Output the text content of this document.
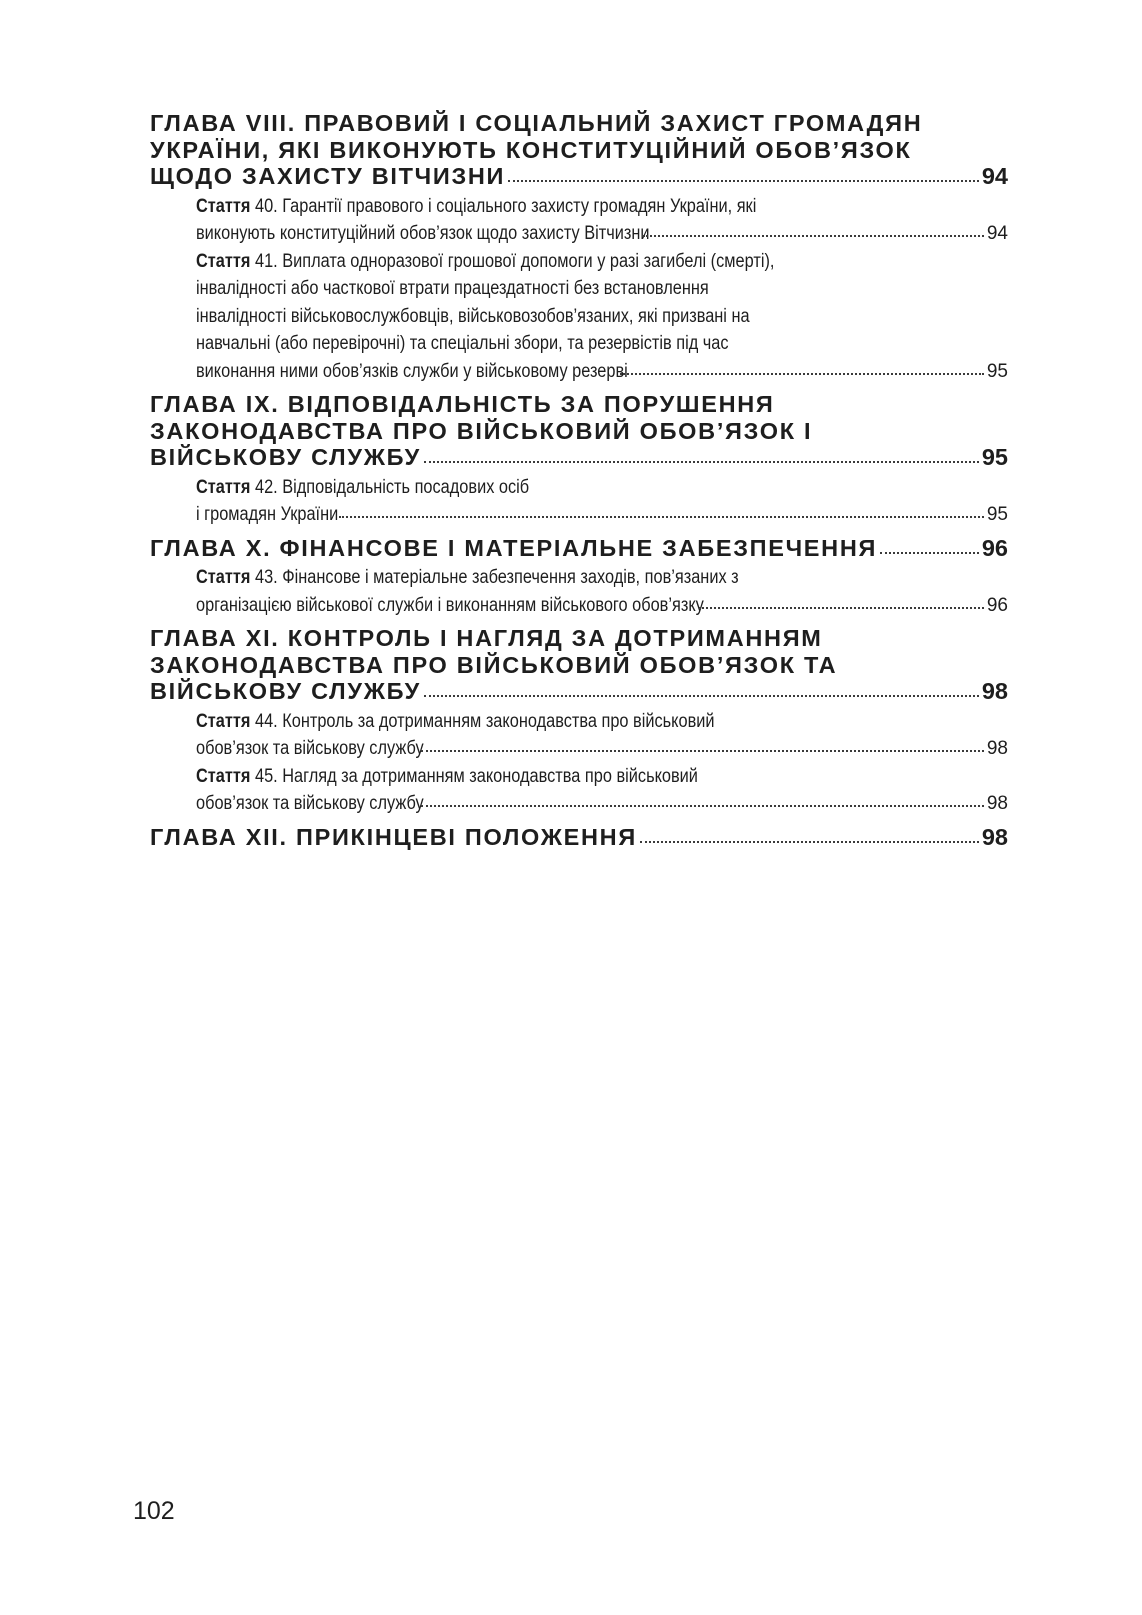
ГЛАВА VIII. ПРАВОВИЙ І СОЦІАЛЬНИЙ ЗАХИСТ ГРОМАДЯН
УКРАЇНИ, ЯКІ ВИКОНУЮТЬ КОНСТИТУЦІЙНИЙ ОБОВ’ЯЗОК
ЩОДО ЗАХИСТУ ВІТЧИЗНИ	94
Стаття 40. Гарантії правового і соціального захисту громадян України, які
виконують конституційний обов’язок щодо захисту Вітчизни	94
Стаття 41. Виплата одноразової грошової допомоги у разі загибелі (смерті),
інвалідності або часткової втрати працездатності без встановлення
інвалідності військовослужбовців, військовозобов’язаних, які призвані на
навчальні (або перевірочні) та спеціальні збори, та резервістів під час
виконання ними обов’язків служби у військовому резерві	95
ГЛАВА IX. ВІДПОВІДАЛЬНІСТЬ ЗА ПОРУШЕННЯ
ЗАКОНОДАВСТВА ПРО ВІЙСЬКОВИЙ ОБОВ’ЯЗОК І
ВІЙСЬКОВУ СЛУЖБУ	95
Стаття 42. Відповідальність посадових осіб
і громадян України	95
ГЛАВА X. ФІНАНСОВЕ І МАТЕРІАЛЬНЕ ЗАБЕЗПЕЧЕННЯ	96
Стаття 43. Фінансове і матеріальне забезпечення заходів, пов’язаних з
організацією військової служби і виконанням військового обов’язку	96
ГЛАВА XI. КОНТРОЛЬ І НАГЛЯД ЗА ДОТРИМАННЯМ
ЗАКОНОДАВСТВА ПРО ВІЙСЬКОВИЙ ОБОВ’ЯЗОК ТА
ВІЙСЬКОВУ СЛУЖБУ	98
Стаття 44. Контроль за дотриманням законодавства про військовий
обов’язок та військову службу	98
Стаття 45. Нагляд за дотриманням законодавства про військовий
обов’язок та військову службу	98
ГЛАВА XII. ПРИКІНЦЕВІ ПОЛОЖЕННЯ	98
102
